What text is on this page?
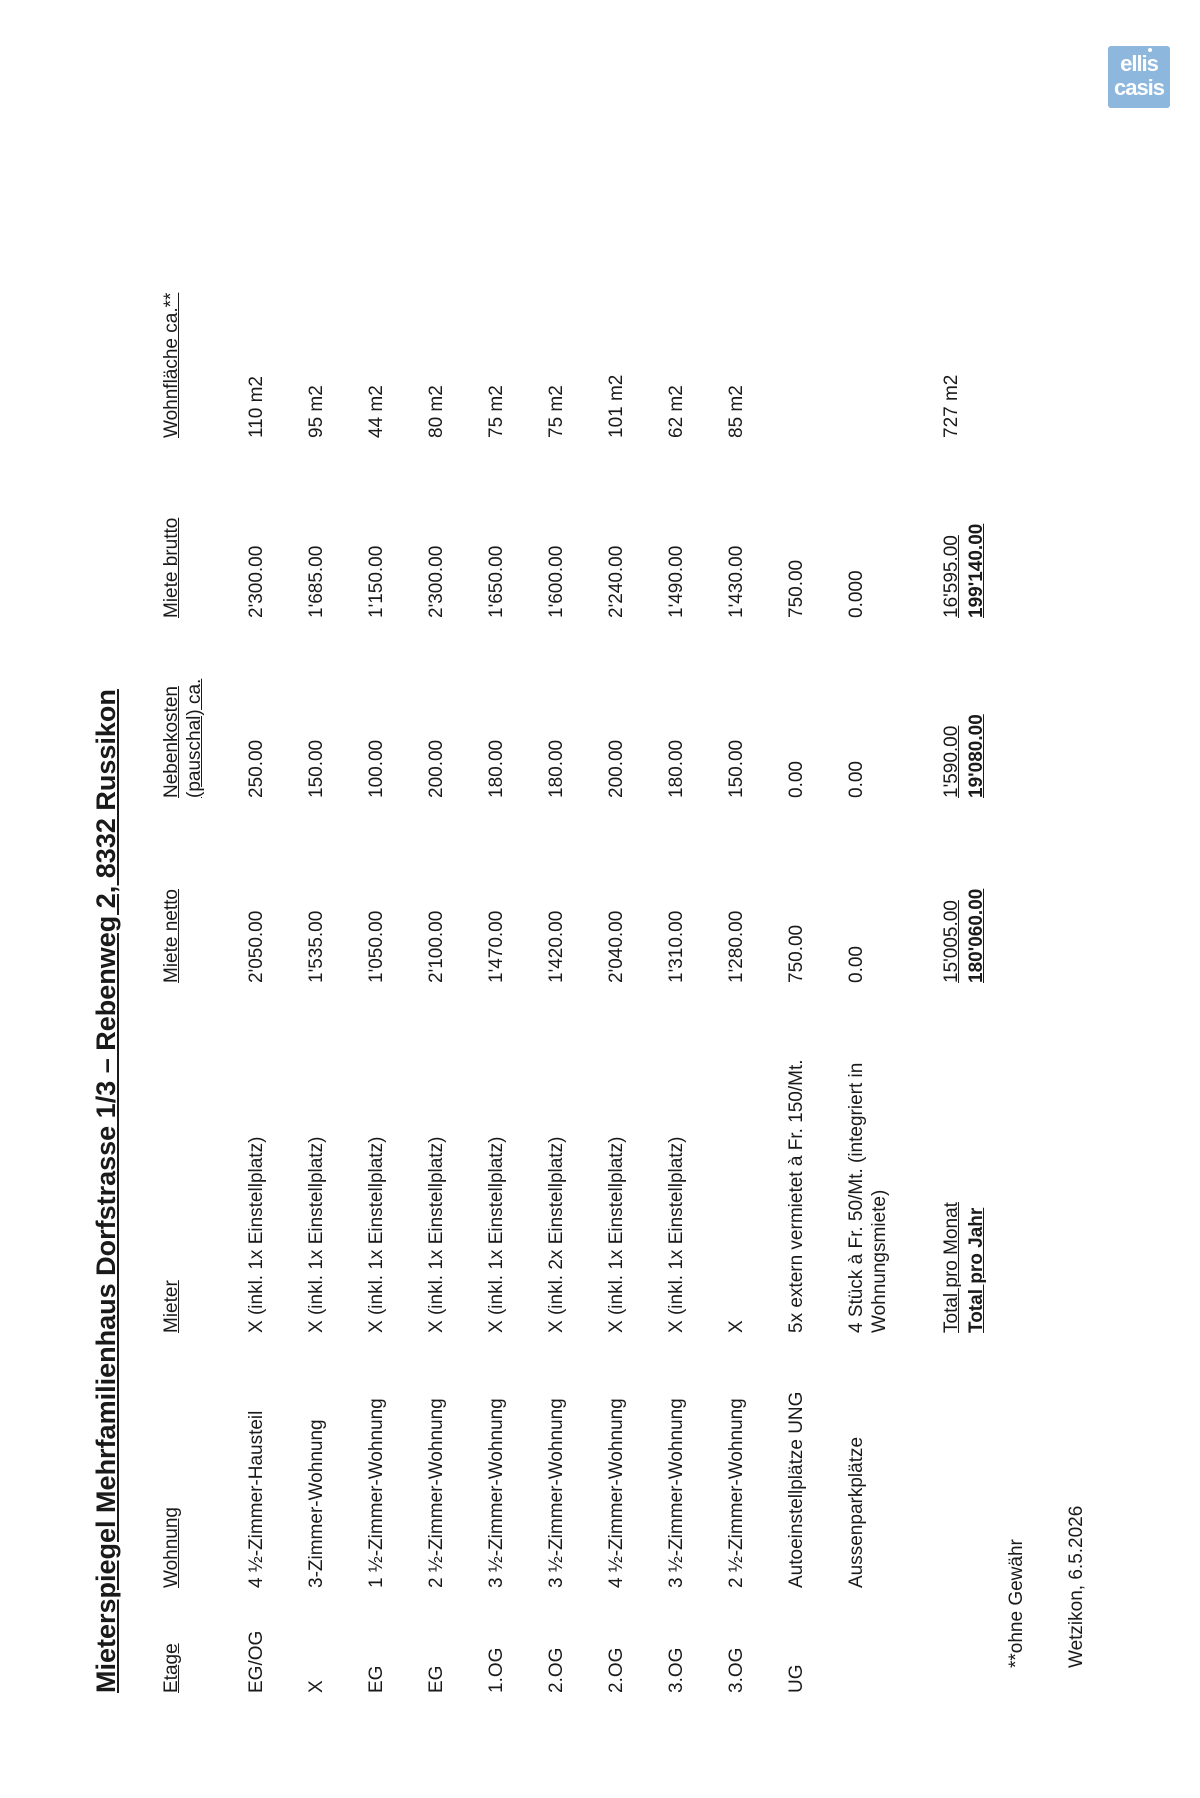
ellis
casis
Mieterspiegel Mehrfamilienhaus Dorfstrasse 1/3 – Rebenweg 2, 8332 Russikon Etage
Wohnung
Mieter
Miete netto
Nebenkosten (pauschal) ca.
Miete brutto
Wohnfläche ca.**
EG/OG
4 ½-Zimmer-Hausteil
X (inkl. 1x Einstellplatz)
2'050.00
250.00
2'300.00
110 m2
X
3-Zimmer-Wohnung
X (inkl. 1x Einstellplatz)
1'535.00
150.00
1'685.00
95 m2
EG
1 ½-Zimmer-Wohnung
X (inkl. 1x Einstellplatz)
1'050.00
100.00
1'150.00
44 m2
EG
2 ½-Zimmer-Wohnung
X (inkl. 1x Einstellplatz)
2'100.00
200.00
2'300.00
80 m2
1.OG
3 ½-Zimmer-Wohnung
X (inkl. 1x Einstellplatz)
1'470.00
180.00
1'650.00
75 m2
2.OG
3 ½-Zimmer-Wohnung
X (inkl. 2x Einstellplatz)
1'420.00
180.00
1'600.00
75 m2
2.OG
4 ½-Zimmer-Wohnung
X (inkl. 1x Einstellplatz)
2'040.00
200.00
2'240.00
101 m2
3.OG
3 ½-Zimmer-Wohnung
X (inkl. 1x Einstellplatz)
1'310.00
180.00
1'490.00
62 m2
3.OG
2 ½-Zimmer-Wohnung
X
1'280.00
150.00
1'430.00
85 m2
UG
Autoeinstellplätze UNG
5x extern vermietet à Fr. 150/Mt.
750.00
0.00
750.00
Aussenparkplätze
4 Stück à Fr. 50/Mt. (integriert in Wohnungsmiete)
0.00
0.00
0.000
Total pro Monat
15'005.00
1'590.00
16'595.00
727 m2
Total pro Jahr
180'060.00
19'080.00
199'140.00
**ohne Gewähr Wetzikon, 6.5.2026
